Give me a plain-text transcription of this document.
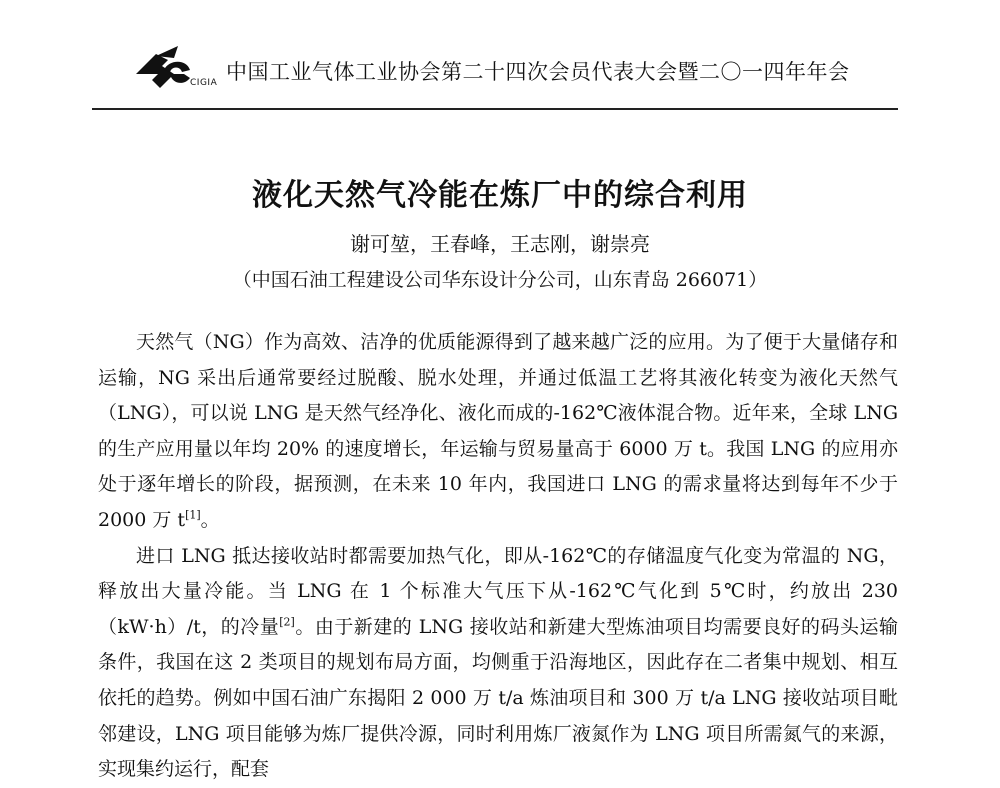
CIGIA 中国工业气体工业协会第二十四次会员代表大会暨二〇一四年年会
液化天然气冷能在炼厂中的综合利用
谢可堃，王春峰，王志刚，谢崇亮
（中国石油工程建设公司华东设计分公司，山东青岛 266071）

天然气（NG）作为高效、洁净的优质能源得到了越来越广泛的应用。为了便于大量储存和运输，NG 采出后通常要经过脱酸、脱水处理，并通过低温工艺将其液化转变为液化天然气（LNG），可以说 LNG 是天然气经净化、液化而成的-162℃液体混合物。近年来，全球 LNG 的生产应用量以年均 20% 的速度增长，年运输与贸易量高于 6000 万 t。我国 LNG 的应用亦处于逐年增长的阶段，据预测，在未来 10 年内，我国进口 LNG 的需求量将达到每年不少于 2000 万 t[1]。

进口 LNG 抵达接收站时都需要加热气化，即从-162℃的存储温度气化变为常温的 NG，释放出大量冷能。当 LNG 在 1 个标准大气压下从-162℃气化到 5℃时，约放出 230（kW·h）/t，的冷量[2]。由于新建的 LNG 接收站和新建大型炼油项目均需要良好的码头运输条件，我国在这 2 类项目的规划布局方面，均侧重于沿海地区，因此存在二者集中规划、相互依托的趋势。例如中国石油广东揭阳 2 000 万 t/a 炼油项目和 300 万 t/a LNG 接收站项目毗邻建设，LNG 项目能够为炼厂提供冷源，同时利用炼厂液氮作为 LNG 项目所需氮气的来源，实现集约运行，配套
